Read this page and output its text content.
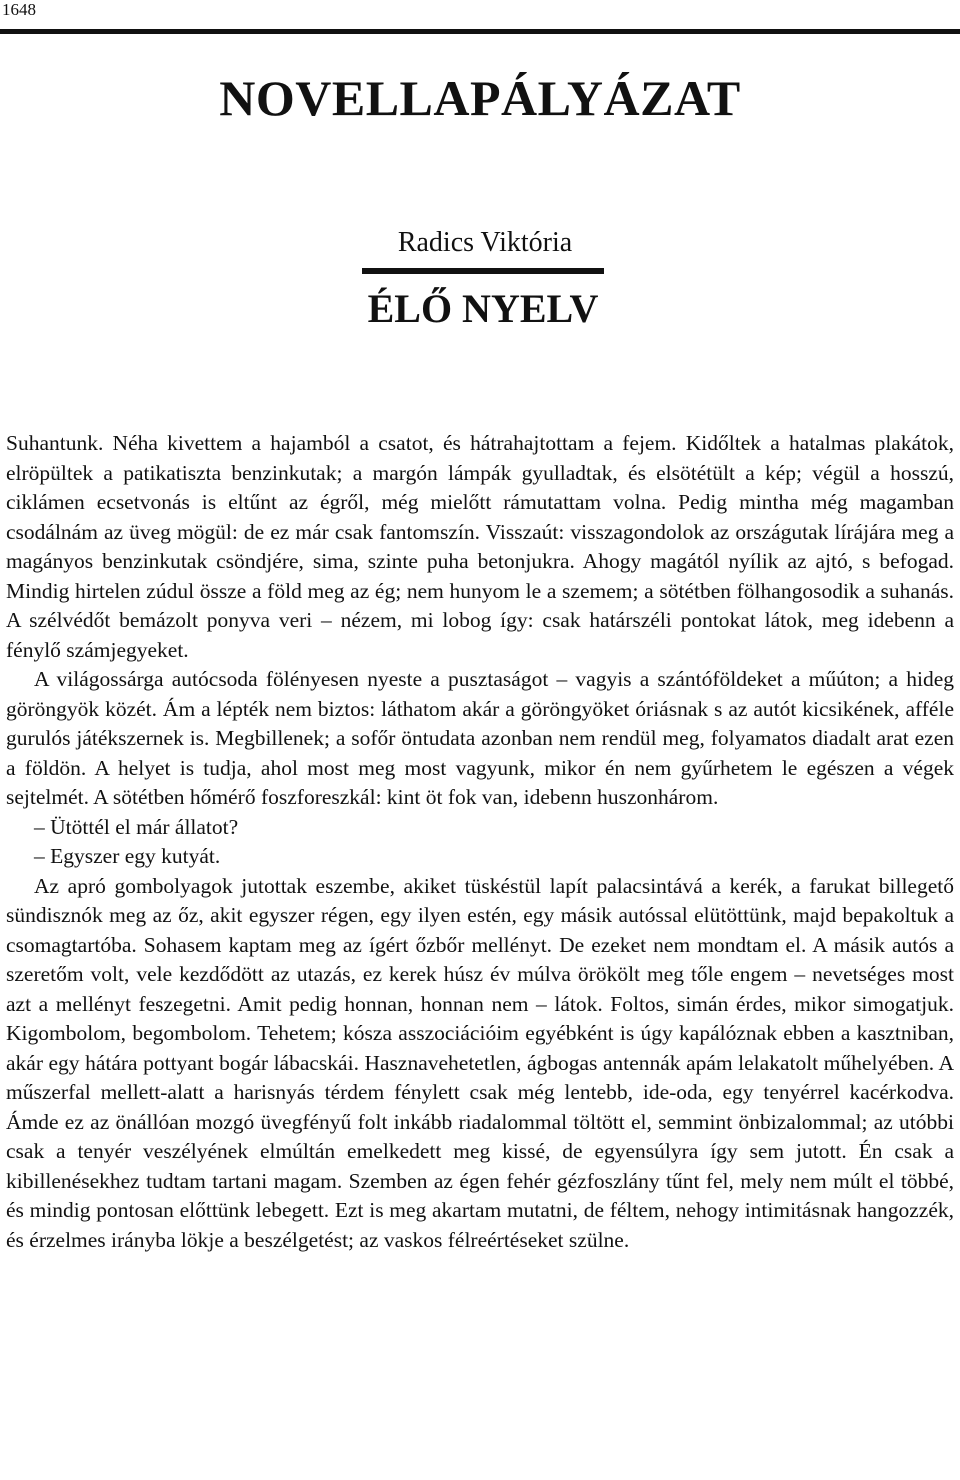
1648
NOVELLAPÁLYÁZAT
Radics Viktória
ÉLŐ NYELV

Suhantunk. Néha kivettem a hajamból a csatot, és hátrahajtottam a fejem. Kidőltek a hatalmas plakátok, elröpültek a patikatiszta benzinkutak; a margón lámpák gyulladtak, és elsötétült a kép; végül a hosszú, ciklámen ecsetvonás is eltűnt az égről, még mielőtt rámutattam volna. Pedig mintha még magamban csodálnám az üveg mögül: de ez már csak fantomszín. Visszaút: visszagondolok az országutak lírájára meg a magányos benzinkutak csöndjére, sima, szinte puha betonjukra. Ahogy magától nyílik az ajtó, s befogad. Mindig hirtelen zúdul össze a föld meg az ég; nem hunyom le a szemem; a sötétben fölhangosodik a suhanás. A szélvédőt bemázolt ponyva veri – nézem, mi lobog így: csak határszéli pontokat látok, meg idebenn a fénylő számjegyeket.

A világossárga autócsoda fölényesen nyeste a pusztaságot – vagyis a szántóföldeket a műúton; a hideg göröngyök közét. Ám a lépték nem biztos: láthatom akár a göröngyöket óriásnak s az autót kicsikének, afféle gurulós játékszernek is. Megbillenek; a sofőr öntudata azonban nem rendül meg, folyamatos diadalt arat ezen a földön. A helyet is tudja, ahol most meg most vagyunk, mikor én nem gyűrhetem le egészen a végek sejtelmét. A sötétben hőmérő foszforeszkál: kint öt fok van, idebenn huszonhárom.

– Ütöttél el már állatot?

– Egyszer egy kutyát.

Az apró gombolyagok jutottak eszembe, akiket tüskéstül lapít palacsintává a kerék, a farukat billegető sündisznók meg az őz, akit egyszer régen, egy ilyen estén, egy másik autóssal elütöttünk, majd bepakoltuk a csomagtartóba. Sohasem kaptam meg az ígért őzbőr mellényt. De ezeket nem mondtam el. A másik autós a szeretőm volt, vele kezdődött az utazás, ez kerek húsz év múlva örökölt meg tőle engem – nevetséges most azt a mellényt feszegetni. Amit pedig honnan, honnan nem – látok. Foltos, simán érdes, mikor simogatjuk. Kigombolom, begombolom. Tehetem; kósza asszociációim egyébként is úgy kapálóznak ebben a kasztniban, akár egy hátára pottyant bogár lábacskái. Hasznavehetetlen, ágbogas antennák apám lelakatolt műhelyében. A műszerfal mellett-alatt a harisnyás térdem fénylett csak még lentebb, ide-oda, egy tenyérrel kacérkodva. Ámde ez az önállóan mozgó üvegfényű folt inkább riadalommal töltött el, semmint önbizalommal; az utóbbi csak a tenyér veszélyének elmúltán emelkedett meg kissé, de egyensúlyra így sem jutott. Én csak a kibillenésekhez tudtam tartani magam. Szemben az égen fehér gézfoszlány tűnt fel, mely nem múlt el többé, és mindig pontosan előttünk lebegett. Ezt is meg akartam mutatni, de féltem, nehogy intimitásnak hangozzék, és érzelmes irányba lökje a beszélgetést; az vaskos félreértéseket szülne.
